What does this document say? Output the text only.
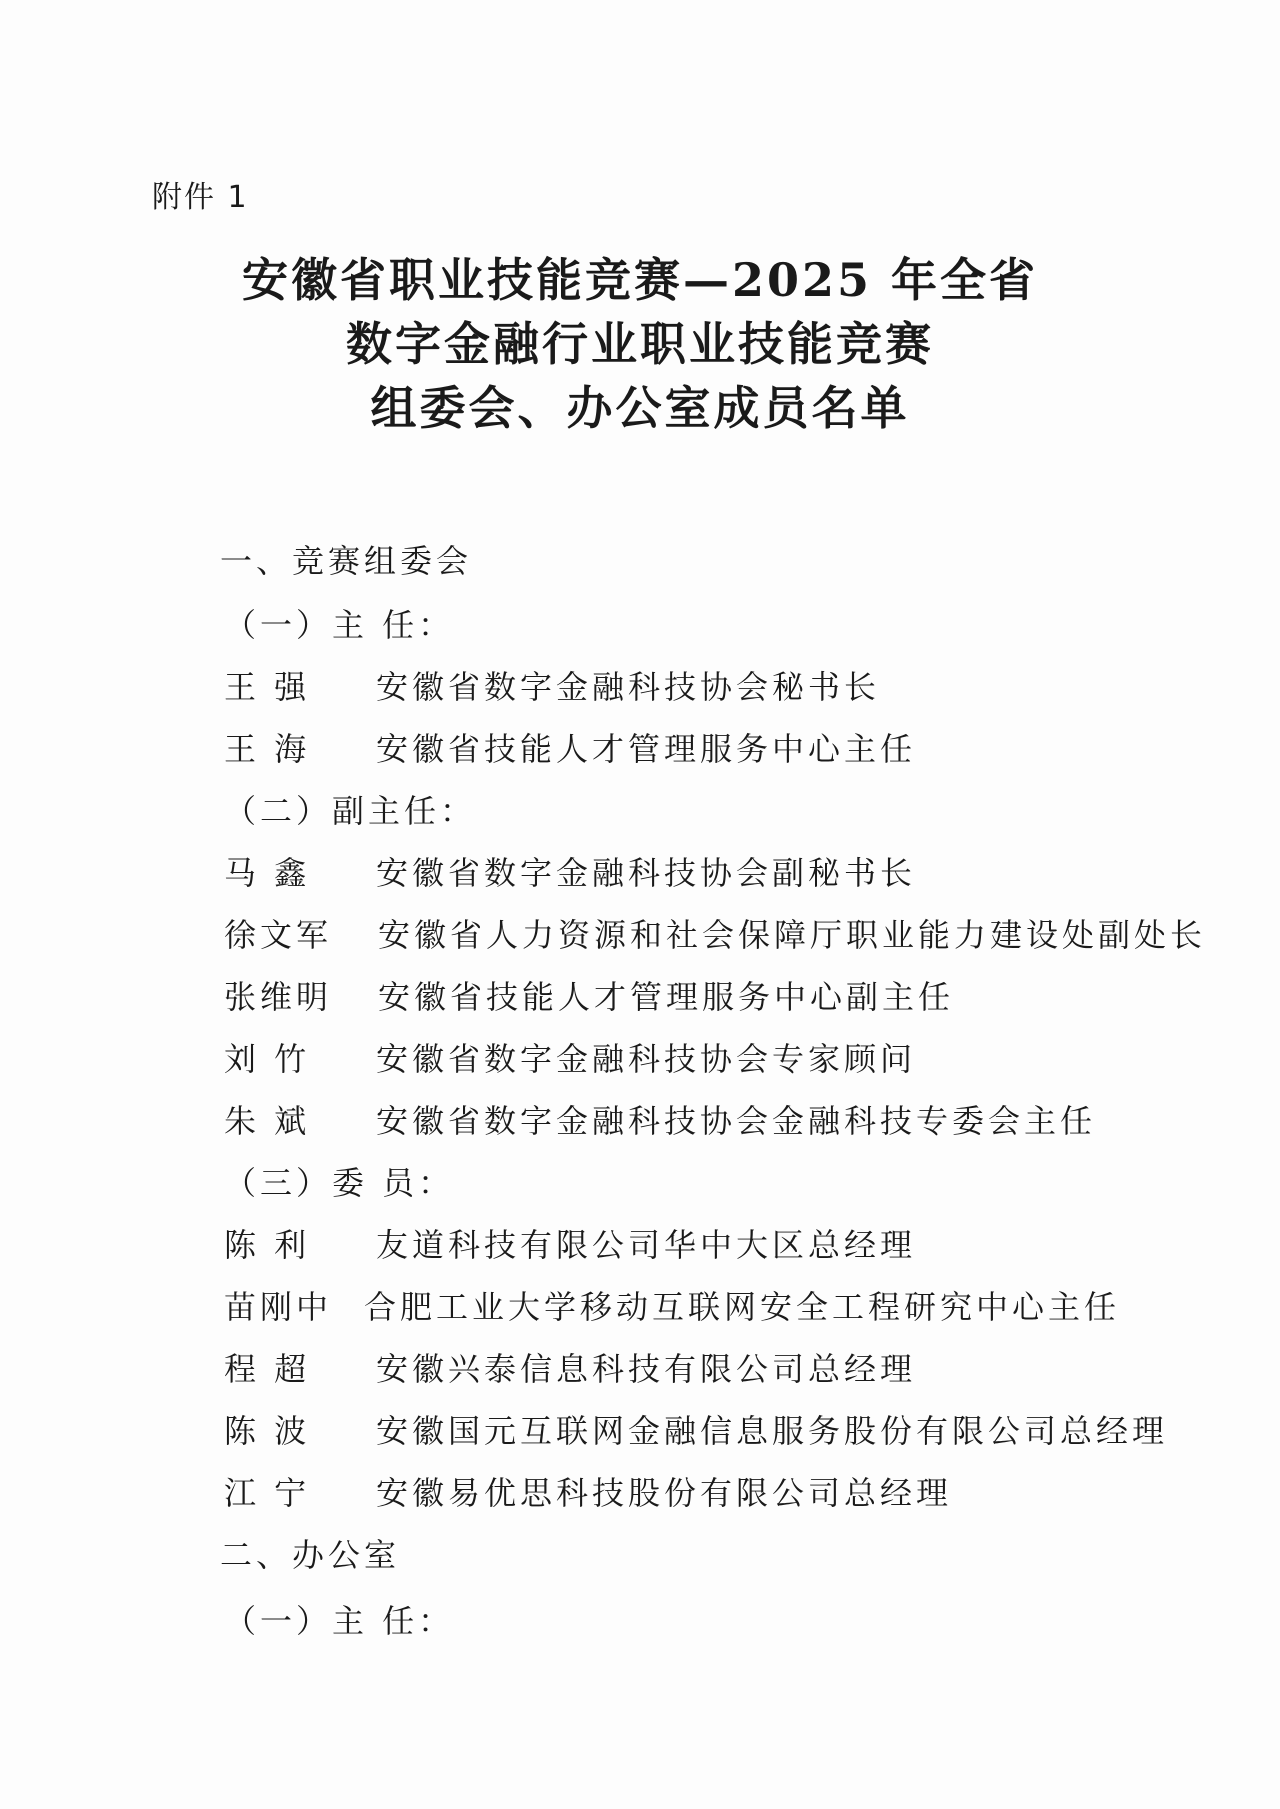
附件 1
安徽省职业技能竞赛—2025 年全省
数字金融行业职业技能竞赛
组委会、办公室成员名单
一、竞赛组委会
（一）主 任：
王 强 安徽省数字金融科技协会秘书长
王 海 安徽省技能人才管理服务中心主任
（二）副主任：
马 鑫 安徽省数字金融科技协会副秘书长
徐文军 安徽省人力资源和社会保障厅职业能力建设处副处长
张维明 安徽省技能人才管理服务中心副主任
刘 竹 安徽省数字金融科技协会专家顾问
朱 斌 安徽省数字金融科技协会金融科技专委会主任
（三）委 员：
陈 利 友道科技有限公司华中大区总经理
苗刚中 合肥工业大学移动互联网安全工程研究中心主任
程 超 安徽兴泰信息科技有限公司总经理
陈 波 安徽国元互联网金融信息服务股份有限公司总经理
江 宁 安徽易优思科技股份有限公司总经理
二、办公室
（一）主 任：
